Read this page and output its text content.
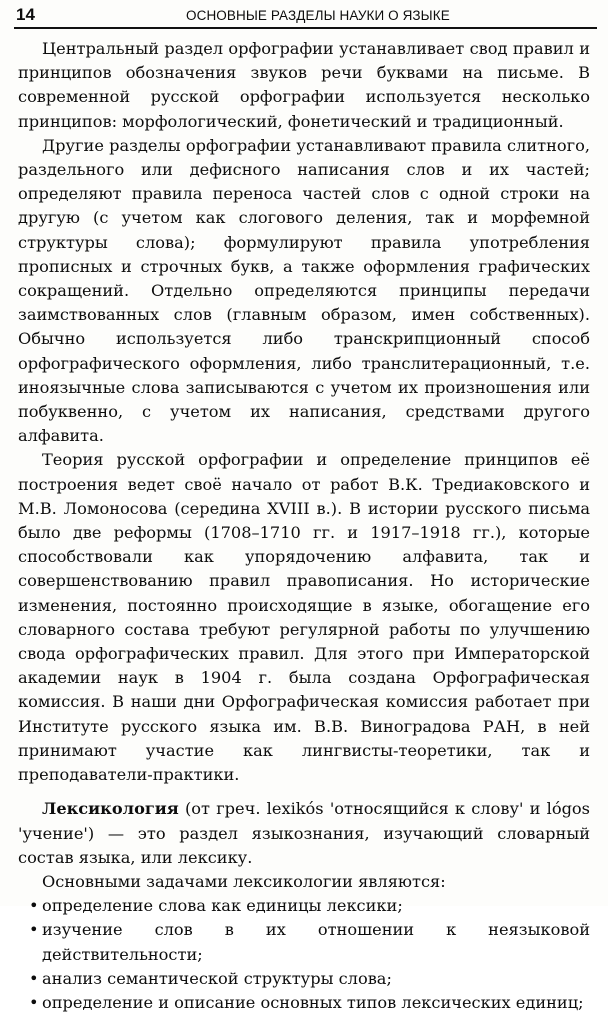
14	ОСНОВНЫЕ РАЗДЕЛЫ НАУКИ О ЯЗЫКЕ

Центральный раздел орфографии устанавливает свод правил и принципов обозначения звуков речи буквами на письме. В современной русской орфографии используется несколько принципов: морфологический, фонетический и традиционный.

Другие разделы орфографии устанавливают правила слитного, раздельного или дефисного написания слов и их частей; определяют правила переноса частей слов с одной строки на другую (с учетом как слогового деления, так и морфемной структуры слова); формулируют правила употребления прописных и строчных букв, а также оформления графических сокращений. Отдельно определяются принципы передачи заимствованных слов (главным образом, имен собственных). Обычно используется либо транскрипционный способ орфографического оформления, либо транслитерационный, т.е. иноязычные слова записываются с учетом их произношения или побуквенно, с учетом их написания, средствами другого алфавита.

Теория русской орфографии и определение принципов её построения ведет своё начало от работ В.К. Тредиаковского и М.В. Ломоносова (середина XVIII в.). В истории русского письма было две реформы (1708–1710 гг. и 1917–1918 гг.), которые способствовали как упорядочению алфавита, так и совершенствованию правил правописания. Но исторические изменения, постоянно происходящие в языке, обогащение его словарного состава требуют регулярной работы по улучшению свода орфографических правил. Для этого при Императорской академии наук в 1904 г. была создана Орфографическая комиссия. В наши дни Орфографическая комиссия работает при Институте русского языка им. В.В. Виноградова РАН, в ней принимают участие как лингвисты-теоретики, так и преподаватели-практики.

Лексикология (от греч. lexikós 'относящийся к слову' и lógos 'учение') — это раздел языкознания, изучающий словарный состав языка, или лексику.

Основными задачами лексикологии являются:

• определение слова как единицы лексики;
• изучение слов в их отношении к неязыковой действительности;
• анализ семантической структуры слова;
• определение и описание основных типов лексических единиц;
